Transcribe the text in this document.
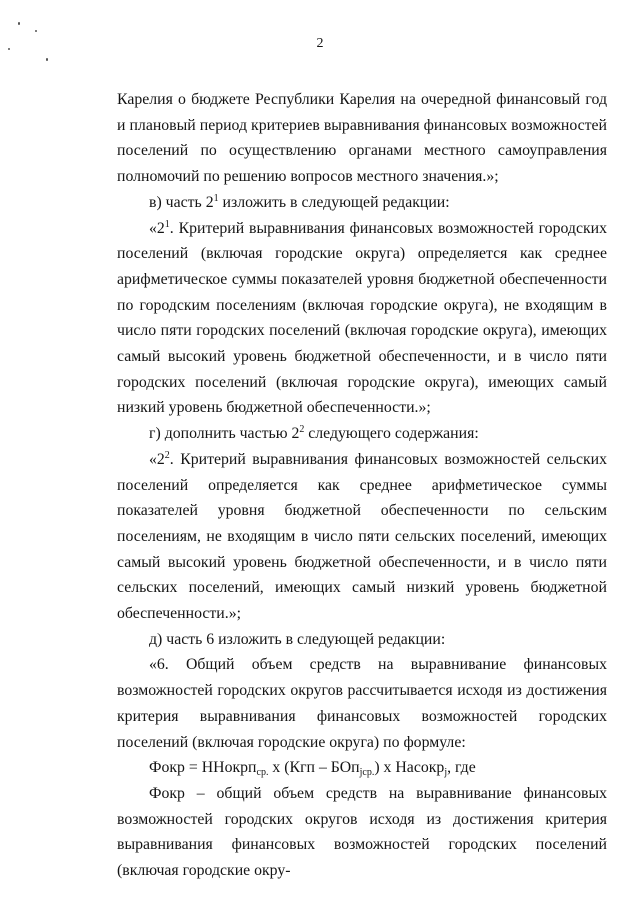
2

Карелия о бюджете Республики Карелия на очередной финансовый год и плановый период критериев выравнивания финансовых возможностей поселений по осуществлению органами местного самоуправления полномочий по решению вопросов местного значения.»;

в) часть $2^1$ изложить в следующей редакции:

«$2^1$. Критерий выравнивания финансовых возможностей городских поселений (включая городские округа) определяется как среднее арифметическое суммы показателей уровня бюджетной обеспеченности по городским поселениям (включая городские округа), не входящим в число пяти городских поселений (включая городские округа), имеющих самый высокий уровень бюджетной обеспеченности, и в число пяти городских поселений (включая городские округа), имеющих самый низкий уровень бюджетной обеспеченности.»;

г) дополнить частью $2^2$ следующего содержания:

«$2^2$. Критерий выравнивания финансовых возможностей сельских поселений определяется как среднее арифметическое суммы показателей уровня бюджетной обеспеченности по сельским поселениям, не входящим в число пяти сельских поселений, имеющих самый высокий уровень бюджетной обеспеченности, и в число пяти сельских поселений, имеющих самый низкий уровень бюджетной обеспеченности.»;

д) часть 6 изложить в следующей редакции:

«6. Общий объем средств на выравнивание финансовых возможностей городских округов рассчитывается исходя из достижения критерия выравнивания финансовых возможностей городских поселений (включая городские округа) по формуле:

Фокр = ННокрп$_{ср.}$ х (Кгп – БОп$_{jср.}$) х Насокр$_j$, где

Фокр – общий объем средств на выравнивание финансовых возможностей городских округов исходя из достижения критерия выравнивания финансовых возможностей городских поселений (включая городские окру-
